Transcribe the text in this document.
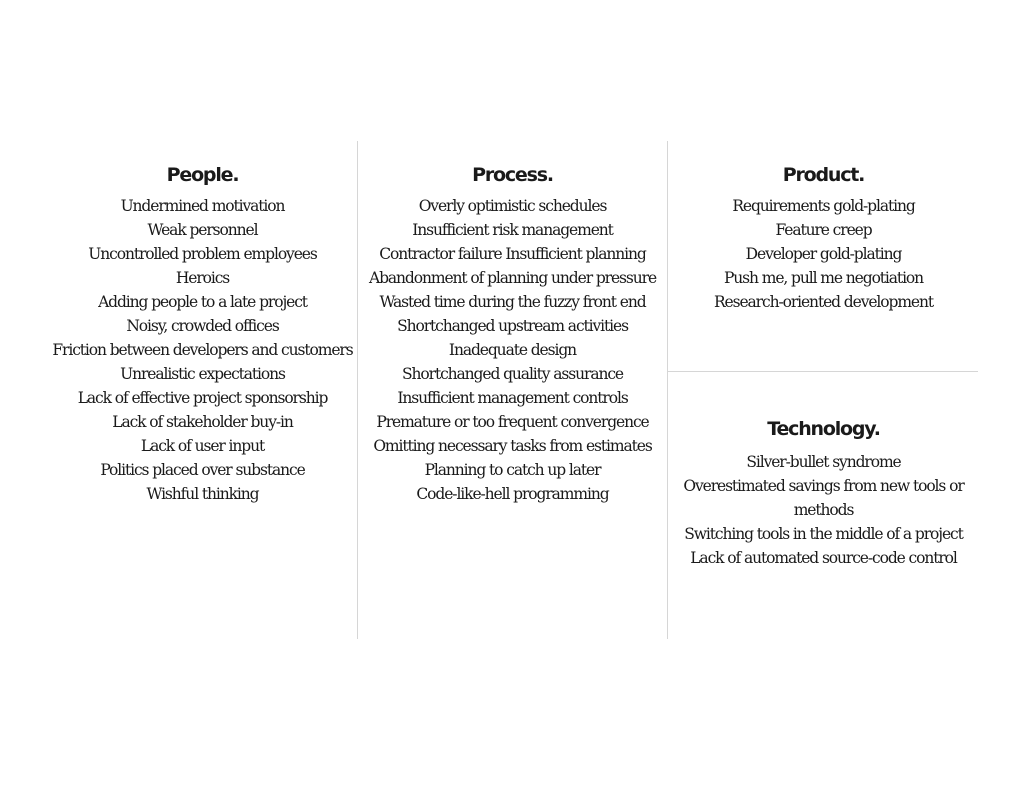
People.
Undermined motivation
Weak personnel
Uncontrolled problem employees
Heroics
Adding people to a late project
Noisy, crowded offices
Friction between developers and customers
Unrealistic expectations
Lack of effective project sponsorship
Lack of stakeholder buy-in
Lack of user input
Politics placed over substance
Wishful thinking
Process.
Overly optimistic schedules
Insufficient risk management
Contractor failure Insufficient planning
Abandonment of planning under pressure
Wasted time during the fuzzy front end
Shortchanged upstream activities
Inadequate design
Shortchanged quality assurance
Insufficient management controls
Premature or too frequent convergence
Omitting necessary tasks from estimates
Planning to catch up later
Code-like-hell programming
Product.
Requirements gold-plating
Feature creep
Developer gold-plating
Push me, pull me negotiation
Research-oriented development
Technology.
Silver-bullet syndrome
Overestimated savings from new tools or methods
Switching tools in the middle of a project
Lack of automated source-code control
